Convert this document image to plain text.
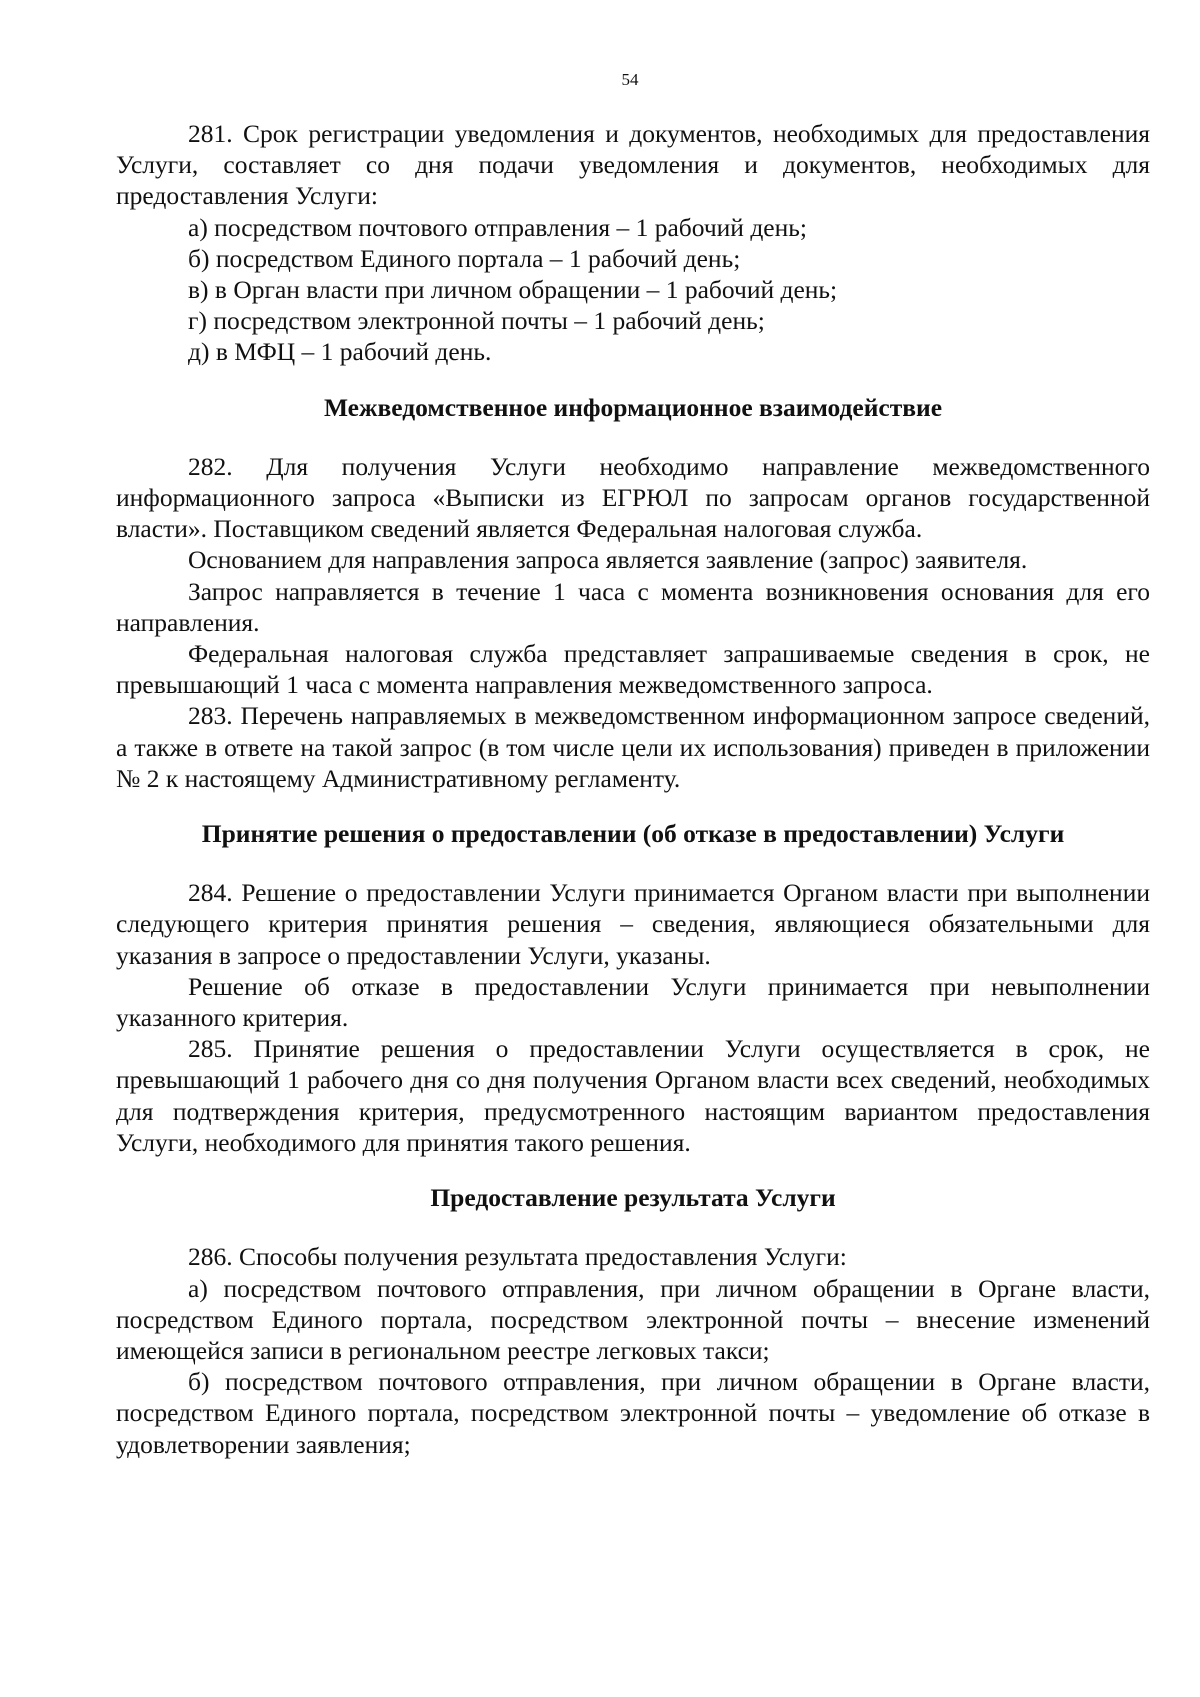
54

281. Срок регистрации уведомления и документов, необходимых для предоставления Услуги, составляет со дня подачи уведомления и документов, необходимых для предоставления Услуги:

а) посредством почтового отправления – 1 рабочий день;

б) посредством Единого портала – 1 рабочий день;

в) в Орган власти при личном обращении – 1 рабочий день;

г) посредством электронной почты – 1 рабочий день;

д) в МФЦ – 1 рабочий день.

Межведомственное информационное взаимодействие

282. Для получения Услуги необходимо направление межведомственного информационного запроса «Выписки из ЕГРЮЛ по запросам органов государственной власти». Поставщиком сведений является Федеральная налоговая служба.

Основанием для направления запроса является заявление (запрос) заявителя.

Запрос направляется в течение 1 часа с момента возникновения основания для его направления.

Федеральная налоговая служба представляет запрашиваемые сведения в срок, не превышающий 1 часа с момента направления межведомственного запроса.

283. Перечень направляемых в межведомственном информационном запросе сведений, а также в ответе на такой запрос (в том числе цели их использования) приведен в приложении № 2 к настоящему Административному регламенту.

Принятие решения о предоставлении (об отказе в предоставлении) Услуги

284. Решение о предоставлении Услуги принимается Органом власти при выполнении следующего критерия принятия решения – сведения, являющиеся обязательными для указания в запросе о предоставлении Услуги, указаны.

Решение об отказе в предоставлении Услуги принимается при невыполнении указанного критерия.

285. Принятие решения о предоставлении Услуги осуществляется в срок, не превышающий 1 рабочего дня со дня получения Органом власти всех сведений, необходимых для подтверждения критерия, предусмотренного настоящим вариантом предоставления Услуги, необходимого для принятия такого решения.

Предоставление результата Услуги

286. Способы получения результата предоставления Услуги:

а) посредством почтового отправления, при личном обращении в Органе власти, посредством Единого портала, посредством электронной почты – внесение изменений имеющейся записи в региональном реестре легковых такси;

б) посредством почтового отправления, при личном обращении в Органе власти, посредством Единого портала, посредством электронной почты – уведомление об отказе в удовлетворении заявления;
